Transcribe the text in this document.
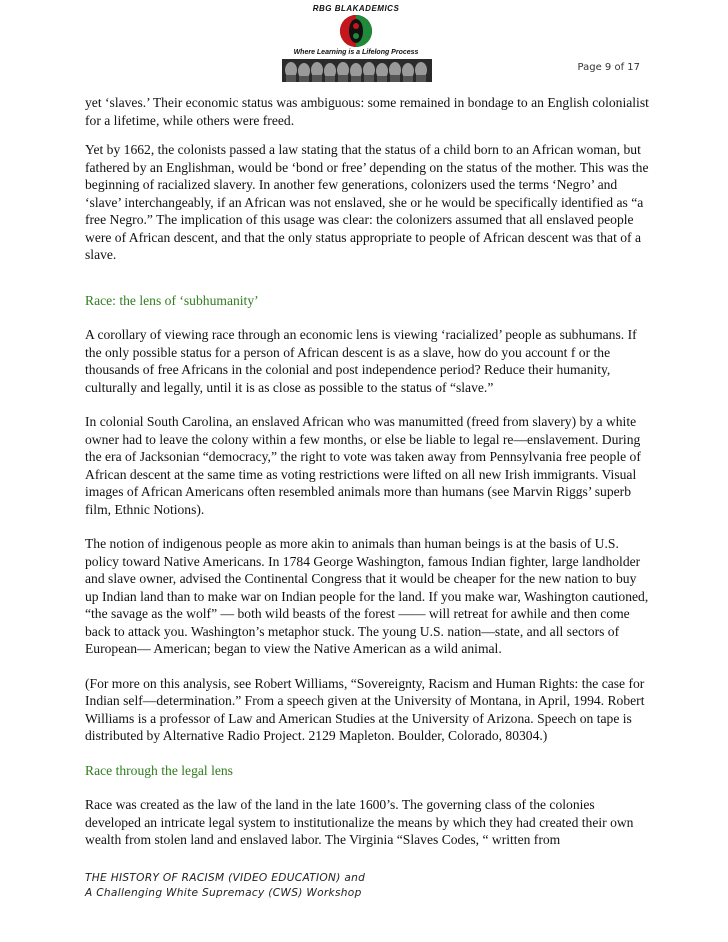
RBG BLAKADEMICS
Where Learning is a Lifelong Process
Page 9 of 17

yet ‘slaves.’ Their economic status was ambiguous: some remained in bondage to an English colonialist for a lifetime, while others were freed.

Yet by 1662, the colonists passed a law stating that the status of a child born to an African woman, but fathered by an Englishman, would be ‘bond or free’ depending on the status of the mother. This was the beginning of racialized slavery. In another few generations, colonizers used the terms ‘Negro’ and ‘slave’ interchangeably, if an African was not enslaved, she or he would be specifically identified as “a free Negro.” The implication of this usage was clear: the colonizers assumed that all enslaved people were of African descent, and that the only status appropriate to people of African descent was that of a slave.

Race: the lens of ‘subhumanity’

A corollary of viewing race through an economic lens is viewing ‘racialized’ people as subhumans. If the only possible status for a person of African descent is as a slave, how do you account f or the thousands of free Africans in the colonial and post independence period? Reduce their humanity, culturally and legally, until it is as close as possible to the status of “slave.”

In colonial South Carolina, an enslaved African who was manumitted (freed from slavery) by a white owner had to leave the colony within a few months, or else be liable to legal re—enslavement. During the era of Jacksonian “democracy,” the right to vote was taken away from Pennsylvania free people of African descent at the same time as voting restrictions were lifted on all new Irish immigrants. Visual images of African Americans often resembled animals more than humans (see Marvin Riggs’ superb film, Ethnic Notions).

The notion of indigenous people as more akin to animals than human beings is at the basis of U.S. policy toward Native Americans. In 1784 George Washington, famous Indian fighter, large landholder and slave owner, advised the Continental Congress that it would be cheaper for the new nation to buy up Indian land than to make war on Indian people for the land. If you make war, Washington cautioned, “the savage as the wolf” — both wild beasts of the forest —— will retreat for awhile and then come back to attack you. Washington’s metaphor stuck. The young U.S. nation—state, and all sectors of European— American; began to view the Native American as a wild animal.

(For more on this analysis, see Robert Williams, “Sovereignty, Racism and Human Rights: the case for Indian self—determination.” From a speech given at the University of Montana, in April, 1994. Robert Williams is a professor of Law and American Studies at the University of Arizona. Speech on tape is distributed by Alternative Radio Project. 2129 Mapleton. Boulder, Colorado, 80304.)

Race through the legal lens

Race was created as the law of the land in the late 1600’s. The governing class of the colonies developed an intricate legal system to institutionalize the means by which they had created their own wealth from stolen land and enslaved labor. The Virginia “Slaves Codes, “ written from

THE HISTORY OF RACISM (VIDEO EDUCATION) and
A Challenging White Supremacy (CWS) Workshop
